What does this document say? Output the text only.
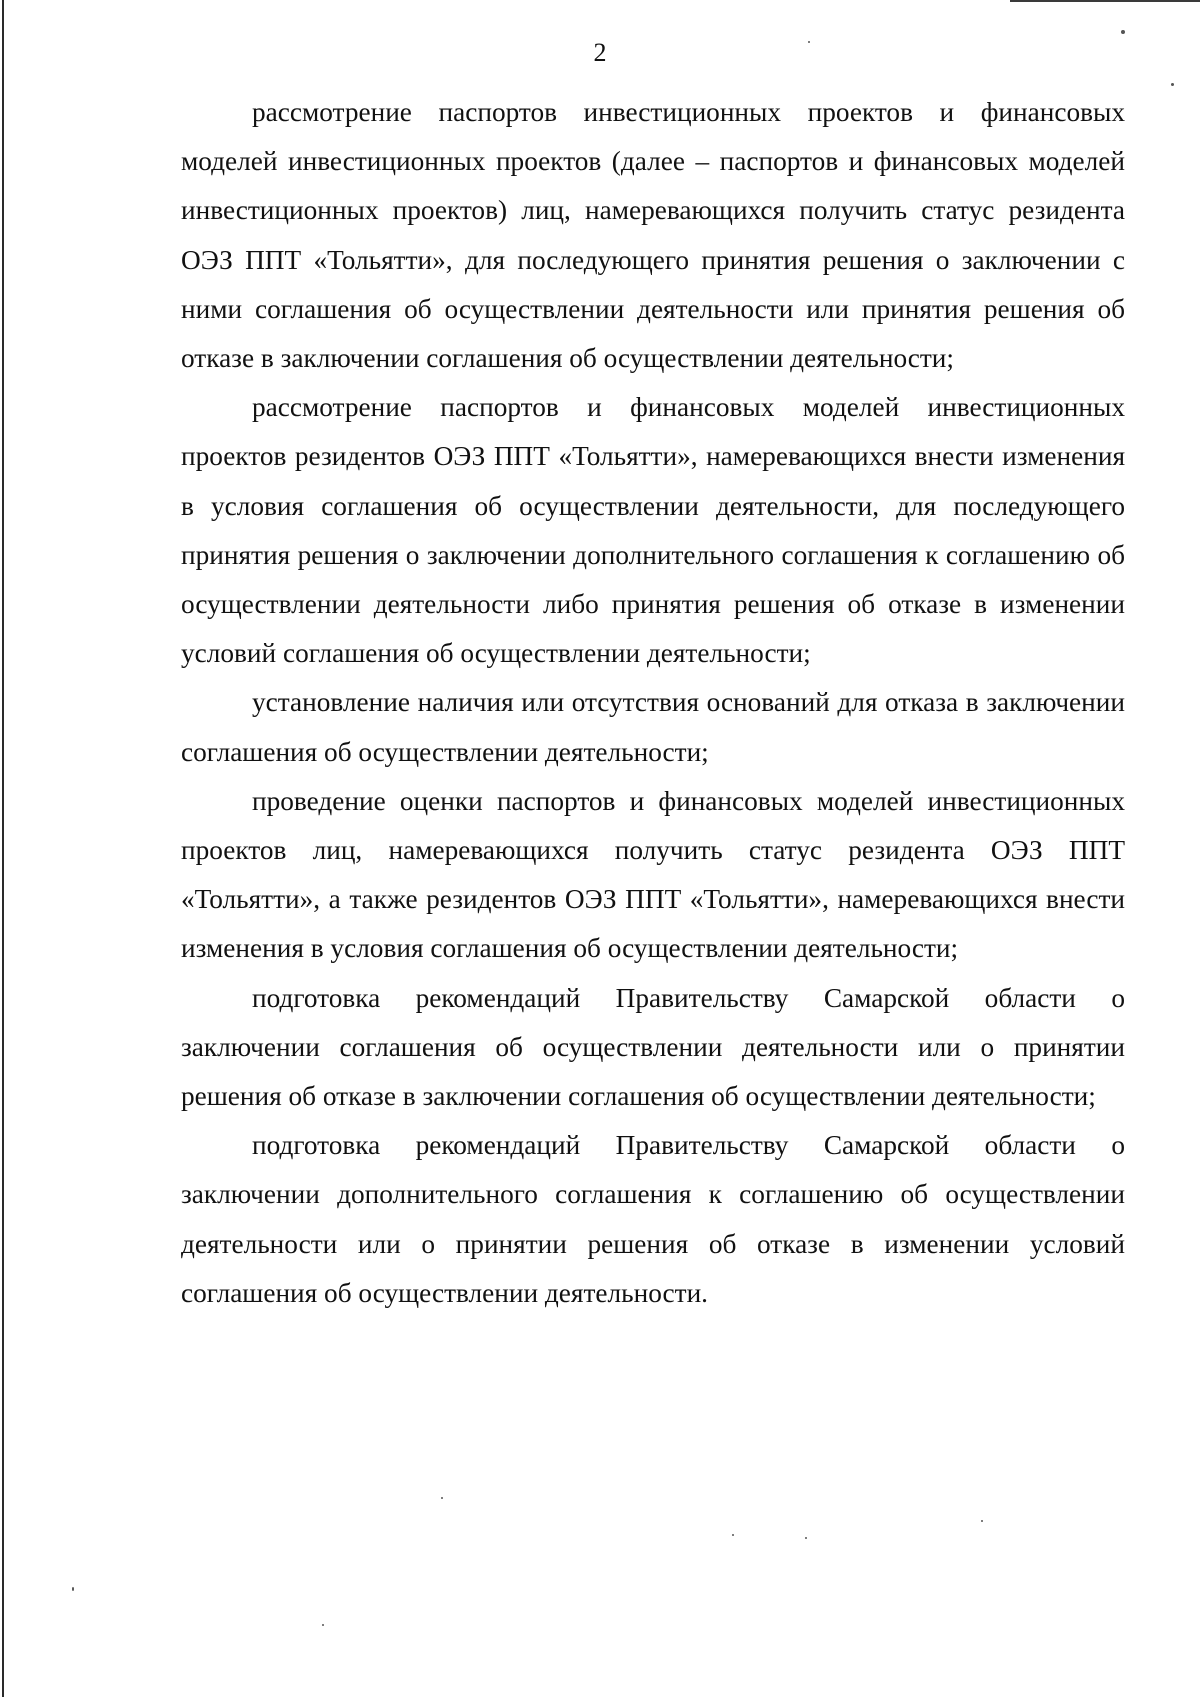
2

рассмотрение паспортов инвестиционных проектов и финансовых моделей инвестиционных проектов (далее – паспортов и финансовых моделей инвестиционных проектов) лиц, намеревающихся получить статус резидента ОЭЗ ППТ «Тольятти», для последующего принятия решения о заключении с ними соглашения об осуществлении деятельности или принятия решения об отказе в заключении соглашения об осуществлении деятельности;

рассмотрение паспортов и финансовых моделей инвестиционных проектов резидентов ОЭЗ ППТ «Тольятти», намеревающихся внести изменения в условия соглашения об осуществлении деятельности, для последующего принятия решения о заключении дополнительного соглашения к соглашению об осуществлении деятельности либо принятия решения об отказе в изменении условий соглашения об осуществлении деятельности;

установление наличия или отсутствия оснований для отказа в заключении соглашения об осуществлении деятельности;

проведение оценки паспортов и финансовых моделей инвестиционных проектов лиц, намеревающихся получить статус резидента ОЭЗ ППТ «Тольятти», а также резидентов ОЭЗ ППТ «Тольятти», намеревающихся внести изменения в условия соглашения об осуществлении деятельности;

подготовка рекомендаций Правительству Самарской области о заключении соглашения об осуществлении деятельности или о принятии решения об отказе в заключении соглашения об осуществлении деятельности;

подготовка рекомендаций Правительству Самарской области о заключении дополнительного соглашения к соглашению об осуществлении деятельности или о принятии решения об отказе в изменении условий соглашения об осуществлении деятельности.
